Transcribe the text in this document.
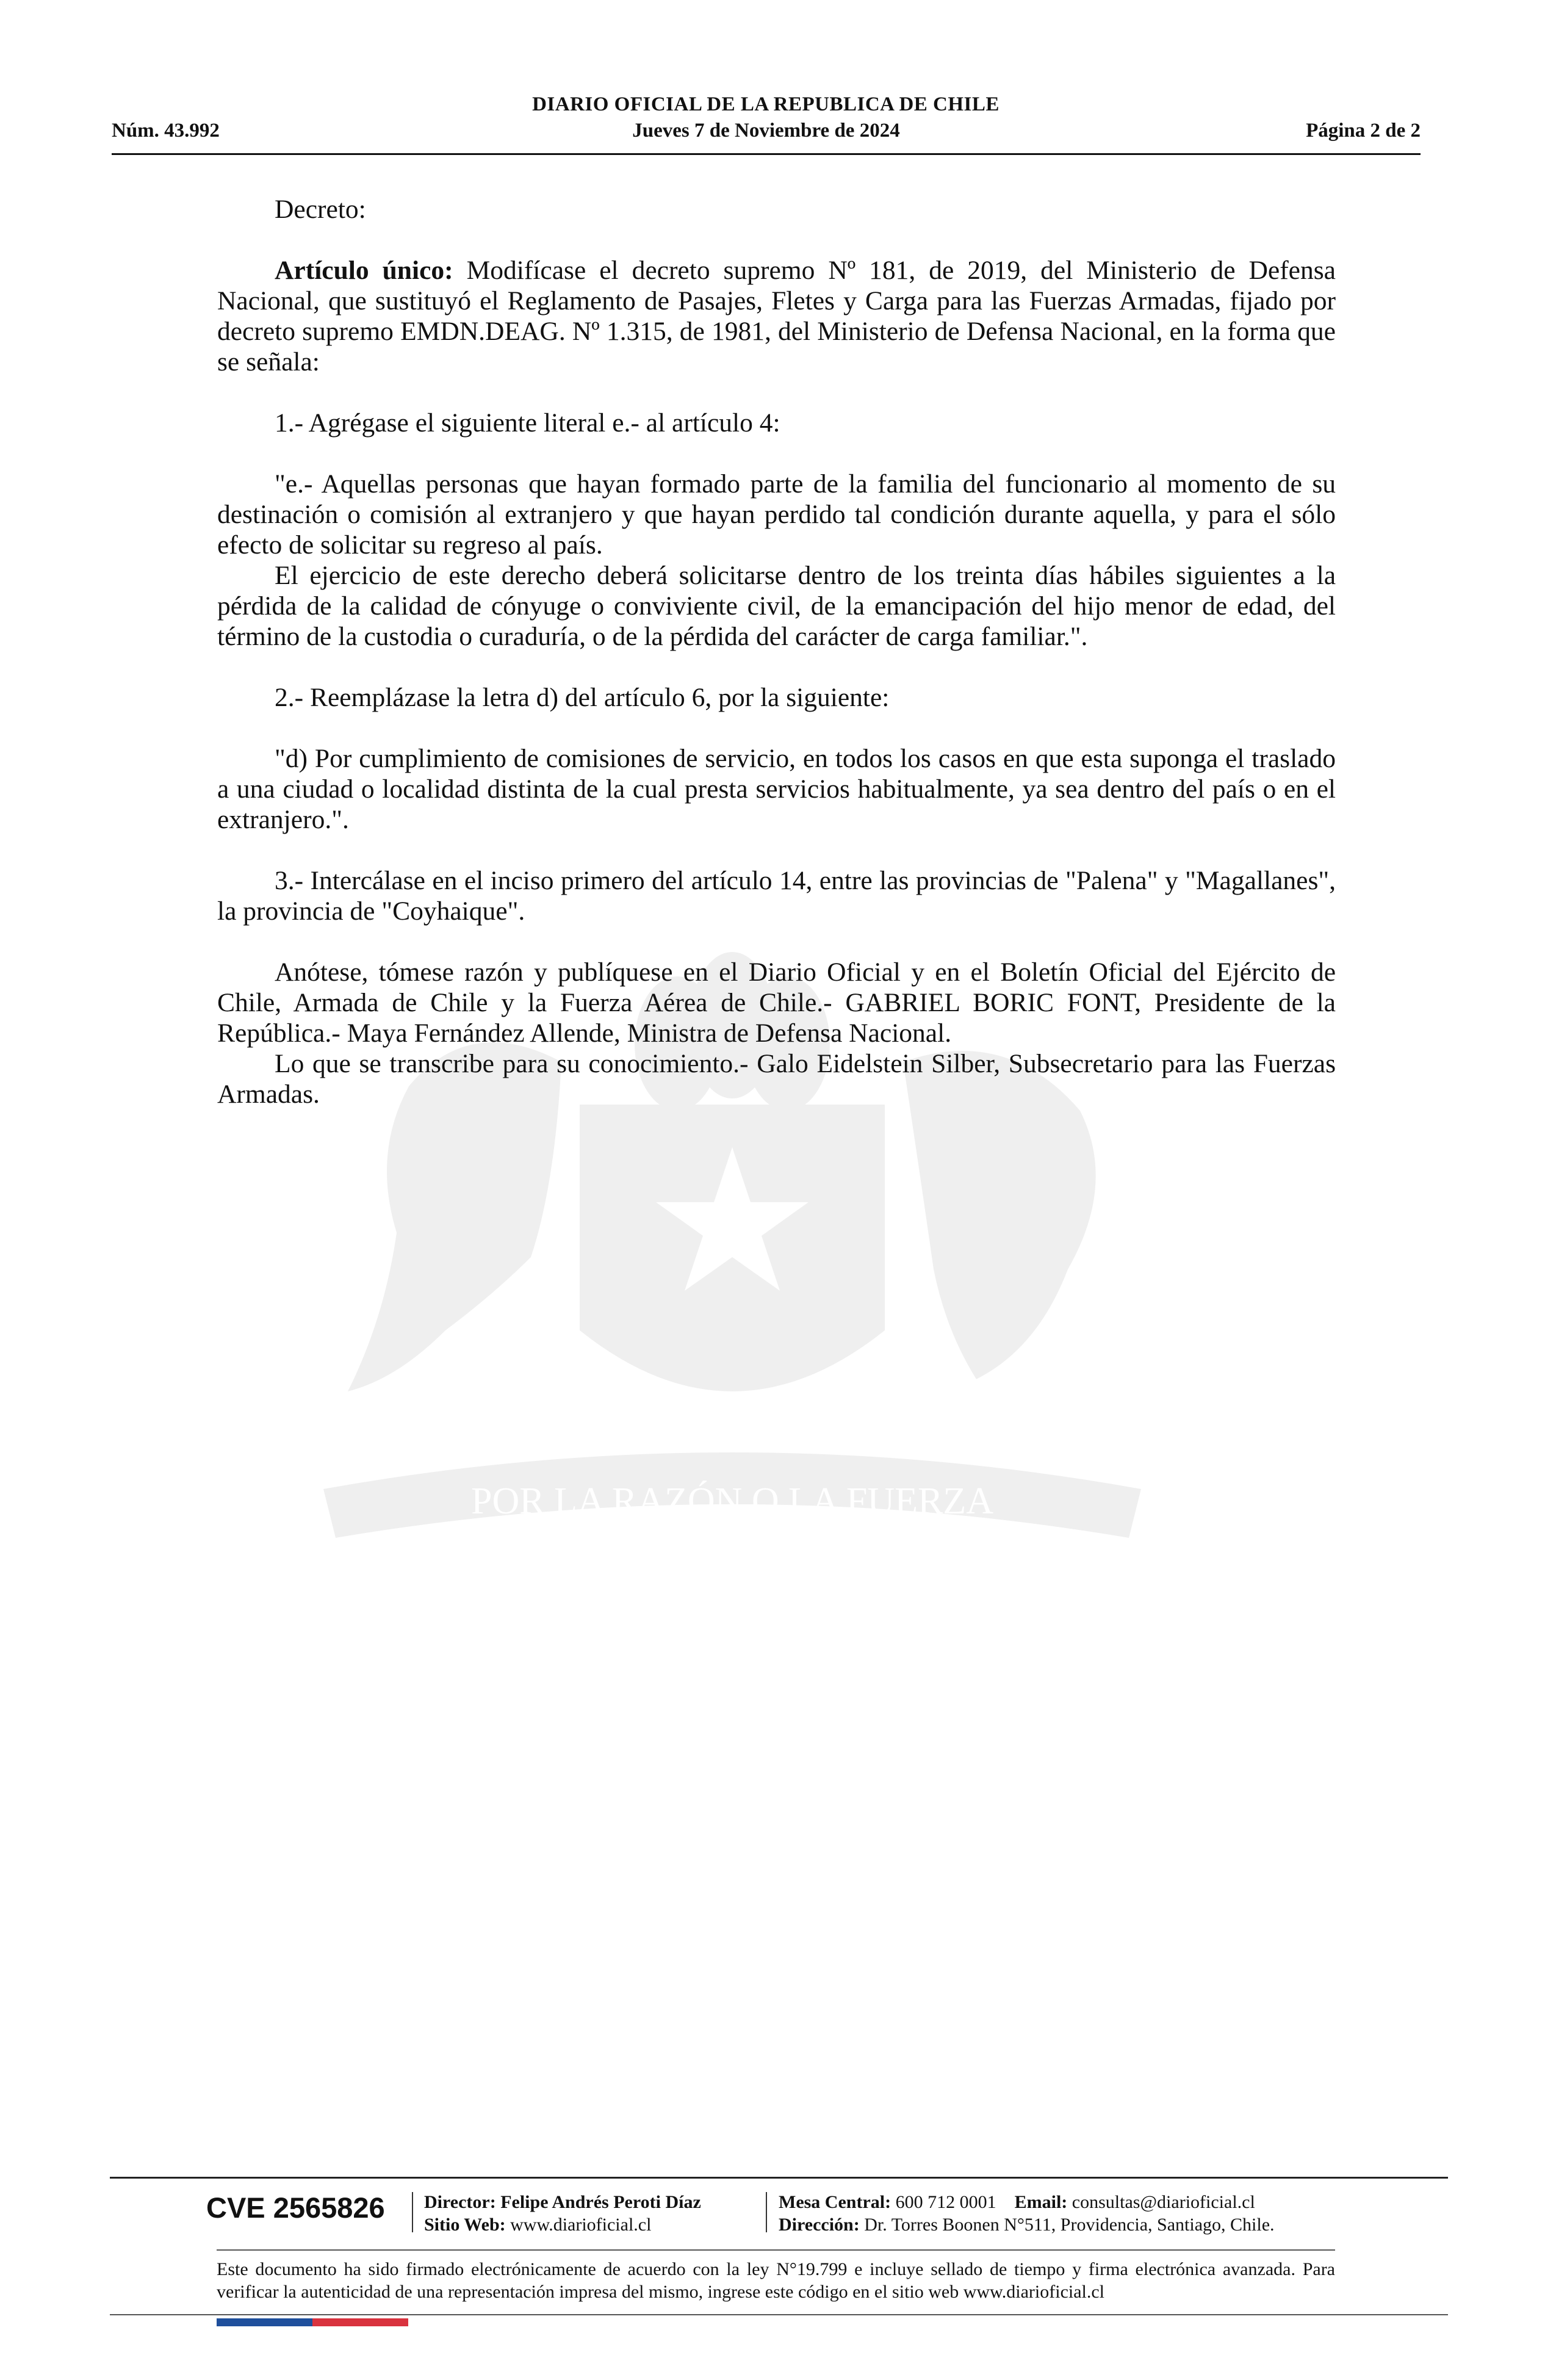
DIARIO OFICIAL DE LA REPUBLICA DE CHILE
Núm. 43.992	Jueves 7 de Noviembre de 2024	Página 2 de 2
POR LA RAZÓN O LA FUERZA

Decreto:

Artículo único: Modifícase el decreto supremo Nº 181, de 2019, del Ministerio de Defensa Nacional, que sustituyó el Reglamento de Pasajes, Fletes y Carga para las Fuerzas Armadas, fijado por decreto supremo EMDN.DEAG. Nº 1.315, de 1981, del Ministerio de Defensa Nacional, en la forma que se señala:

1.- Agrégase el siguiente literal e.- al artículo 4:

"e.- Aquellas personas que hayan formado parte de la familia del funcionario al momento de su destinación o comisión al extranjero y que hayan perdido tal condición durante aquella, y para el sólo efecto de solicitar su regreso al país.

El ejercicio de este derecho deberá solicitarse dentro de los treinta días hábiles siguientes a la pérdida de la calidad de cónyuge o conviviente civil, de la emancipación del hijo menor de edad, del término de la custodia o curaduría, o de la pérdida del carácter de carga familiar.".

2.- Reemplázase la letra d) del artículo 6, por la siguiente:

"d) Por cumplimiento de comisiones de servicio, en todos los casos en que esta suponga el traslado a una ciudad o localidad distinta de la cual presta servicios habitualmente, ya sea dentro del país o en el extranjero.".

3.- Intercálase en el inciso primero del artículo 14, entre las provincias de "Palena" y "Magallanes", la provincia de "Coyhaique".

Anótese, tómese razón y publíquese en el Diario Oficial y en el Boletín Oficial del Ejército de Chile, Armada de Chile y la Fuerza Aérea de Chile.- GABRIEL BORIC FONT, Presidente de la República.- Maya Fernández Allende, Ministra de Defensa Nacional.

Lo que se transcribe para su conocimiento.- Galo Eidelstein Silber, Subsecretario para las Fuerzas Armadas.

CVE 2565826 Director: Felipe Andrés Peroti Díaz
Sitio Web: www.diarioficial.cl
Mesa Central: 600 712 0001 Email: consultas@diarioficial.cl
Dirección: Dr. Torres Boonen N°511, Providencia, Santiago, Chile.
Este documento ha sido firmado electrónicamente de acuerdo con la ley N°19.799 e incluye sellado de tiempo y firma electrónica avanzada. Para verificar la autenticidad de una representación impresa del mismo, ingrese este código en el sitio web www.diarioficial.cl
